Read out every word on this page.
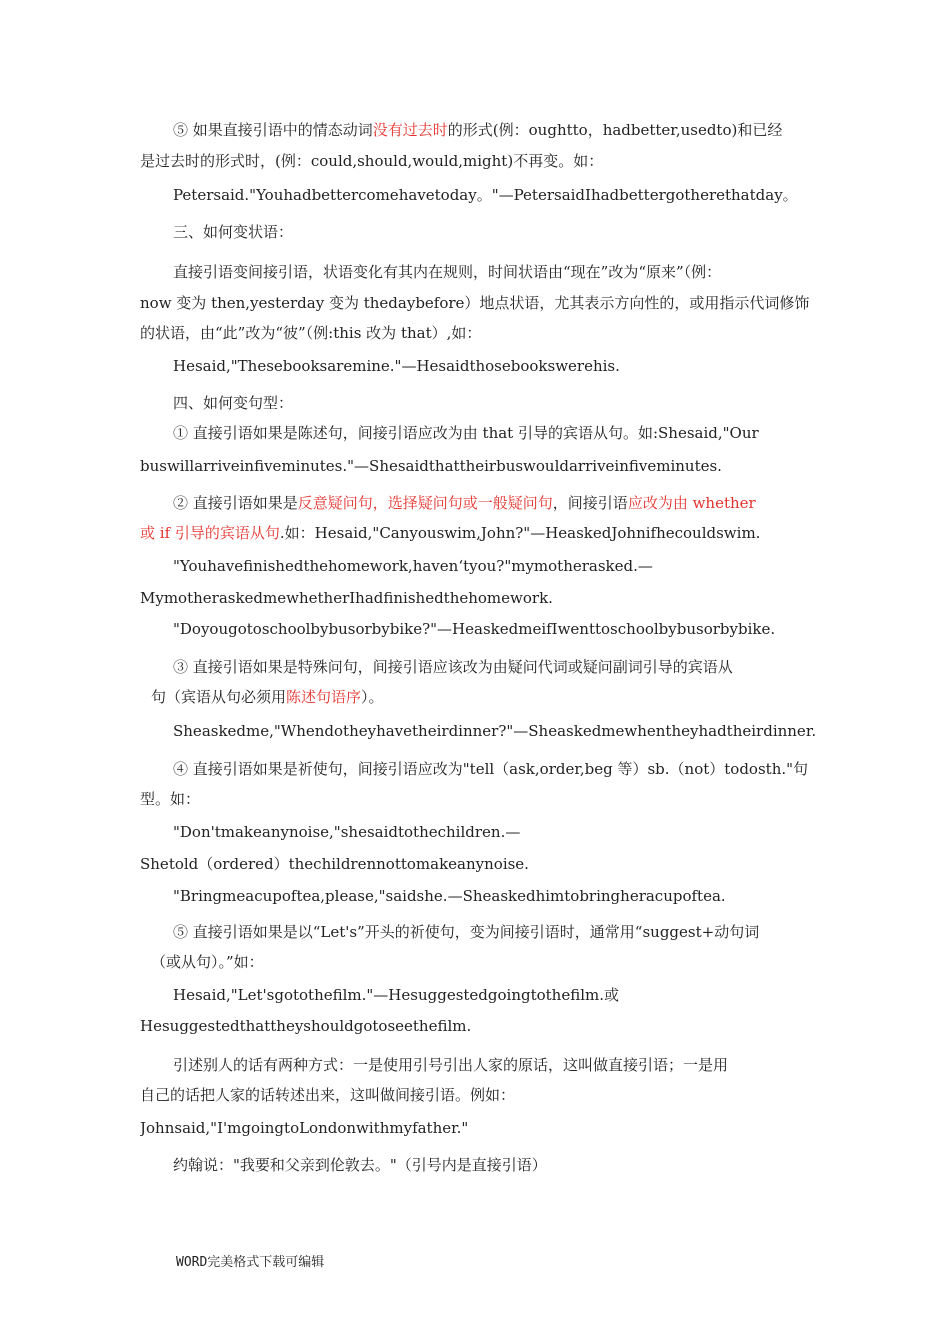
⑤ 如果直接引语中的情态动词没有过去时的形式(例：oughtto，hadbetter,usedto)和已经
是过去时的形式时，(例：could,should,would,might)不再变。如：
Petersaid."Youhadbettercomehavetoday。"—PetersaidIhadbettergotherethatday。
三、如何变状语：
直接引语变间接引语，状语变化有其内在规则，时间状语由“现在”改为“原来”（例：
now 变为 then,yesterday 变为 thedaybefore）地点状语，尤其表示方向性的，或用指示代词修饰
的状语，由“此”改为“彼”（例:this 改为 that）,如：
Hesaid,"Thesebooksaremine."—Hesaidthosebookswerehis.
四、如何变句型：
① 直接引语如果是陈述句，间接引语应改为由 that 引导的宾语从句。如:Shesaid,"Our
buswillarriveinfiveminutes."—Shesaidthattheirbuswouldarriveinfiveminutes.
② 直接引语如果是反意疑问句，选择疑问句或一般疑问句，间接引语应改为由 whether
或 if 引导的宾语从句.如：Hesaid,"Canyouswim,John?"—HeaskedJohnifhecouldswim.
"Youhavefinishedthehomework,haven‘tyou?"mymotherasked.—
MymotheraskedmewhetherIhadfinishedthehomework.
"Doyougotoschoolbybusorbybike?"—HeaskedmeifIwenttoschoolbybusorbybike.
③ 直接引语如果是特殊问句，间接引语应该改为由疑问代词或疑问副词引导的宾语从
句（宾语从句必须用陈述句语序）。
Sheaskedme,"Whendotheyhavetheirdinner?"—Sheaskedmewhentheyhadtheirdinner.
④ 直接引语如果是祈使句，间接引语应改为"tell（ask,order,beg 等）sb.（not）todosth."句
型。如：
"Don'tmakeanynoise,"shesaidtothechildren.—
Shetold（ordered）thechildrennottomakeanynoise.
"Bringmeacupoftea,please,"saidshe.—Sheaskedhimtobringheracupoftea.
⑤ 直接引语如果是以“Let's”开头的祈使句，变为间接引语时，通常用“suggest+动句词
（或从句）。”如：
Hesaid,"Let'sgotothefilm."—Hesuggestedgoingtothefilm.或
Hesuggestedthattheyshouldgotoseethefilm.
引述别人的话有两种方式：一是使用引号引出人家的原话，这叫做直接引语；一是用
自己的话把人家的话转述出来，这叫做间接引语。例如：
Johnsaid,"I'mgoingtoLondonwithmyfather."
约翰说："我要和父亲到伦敦去。"（引号内是直接引语）
WORD完美格式下载可编辑
